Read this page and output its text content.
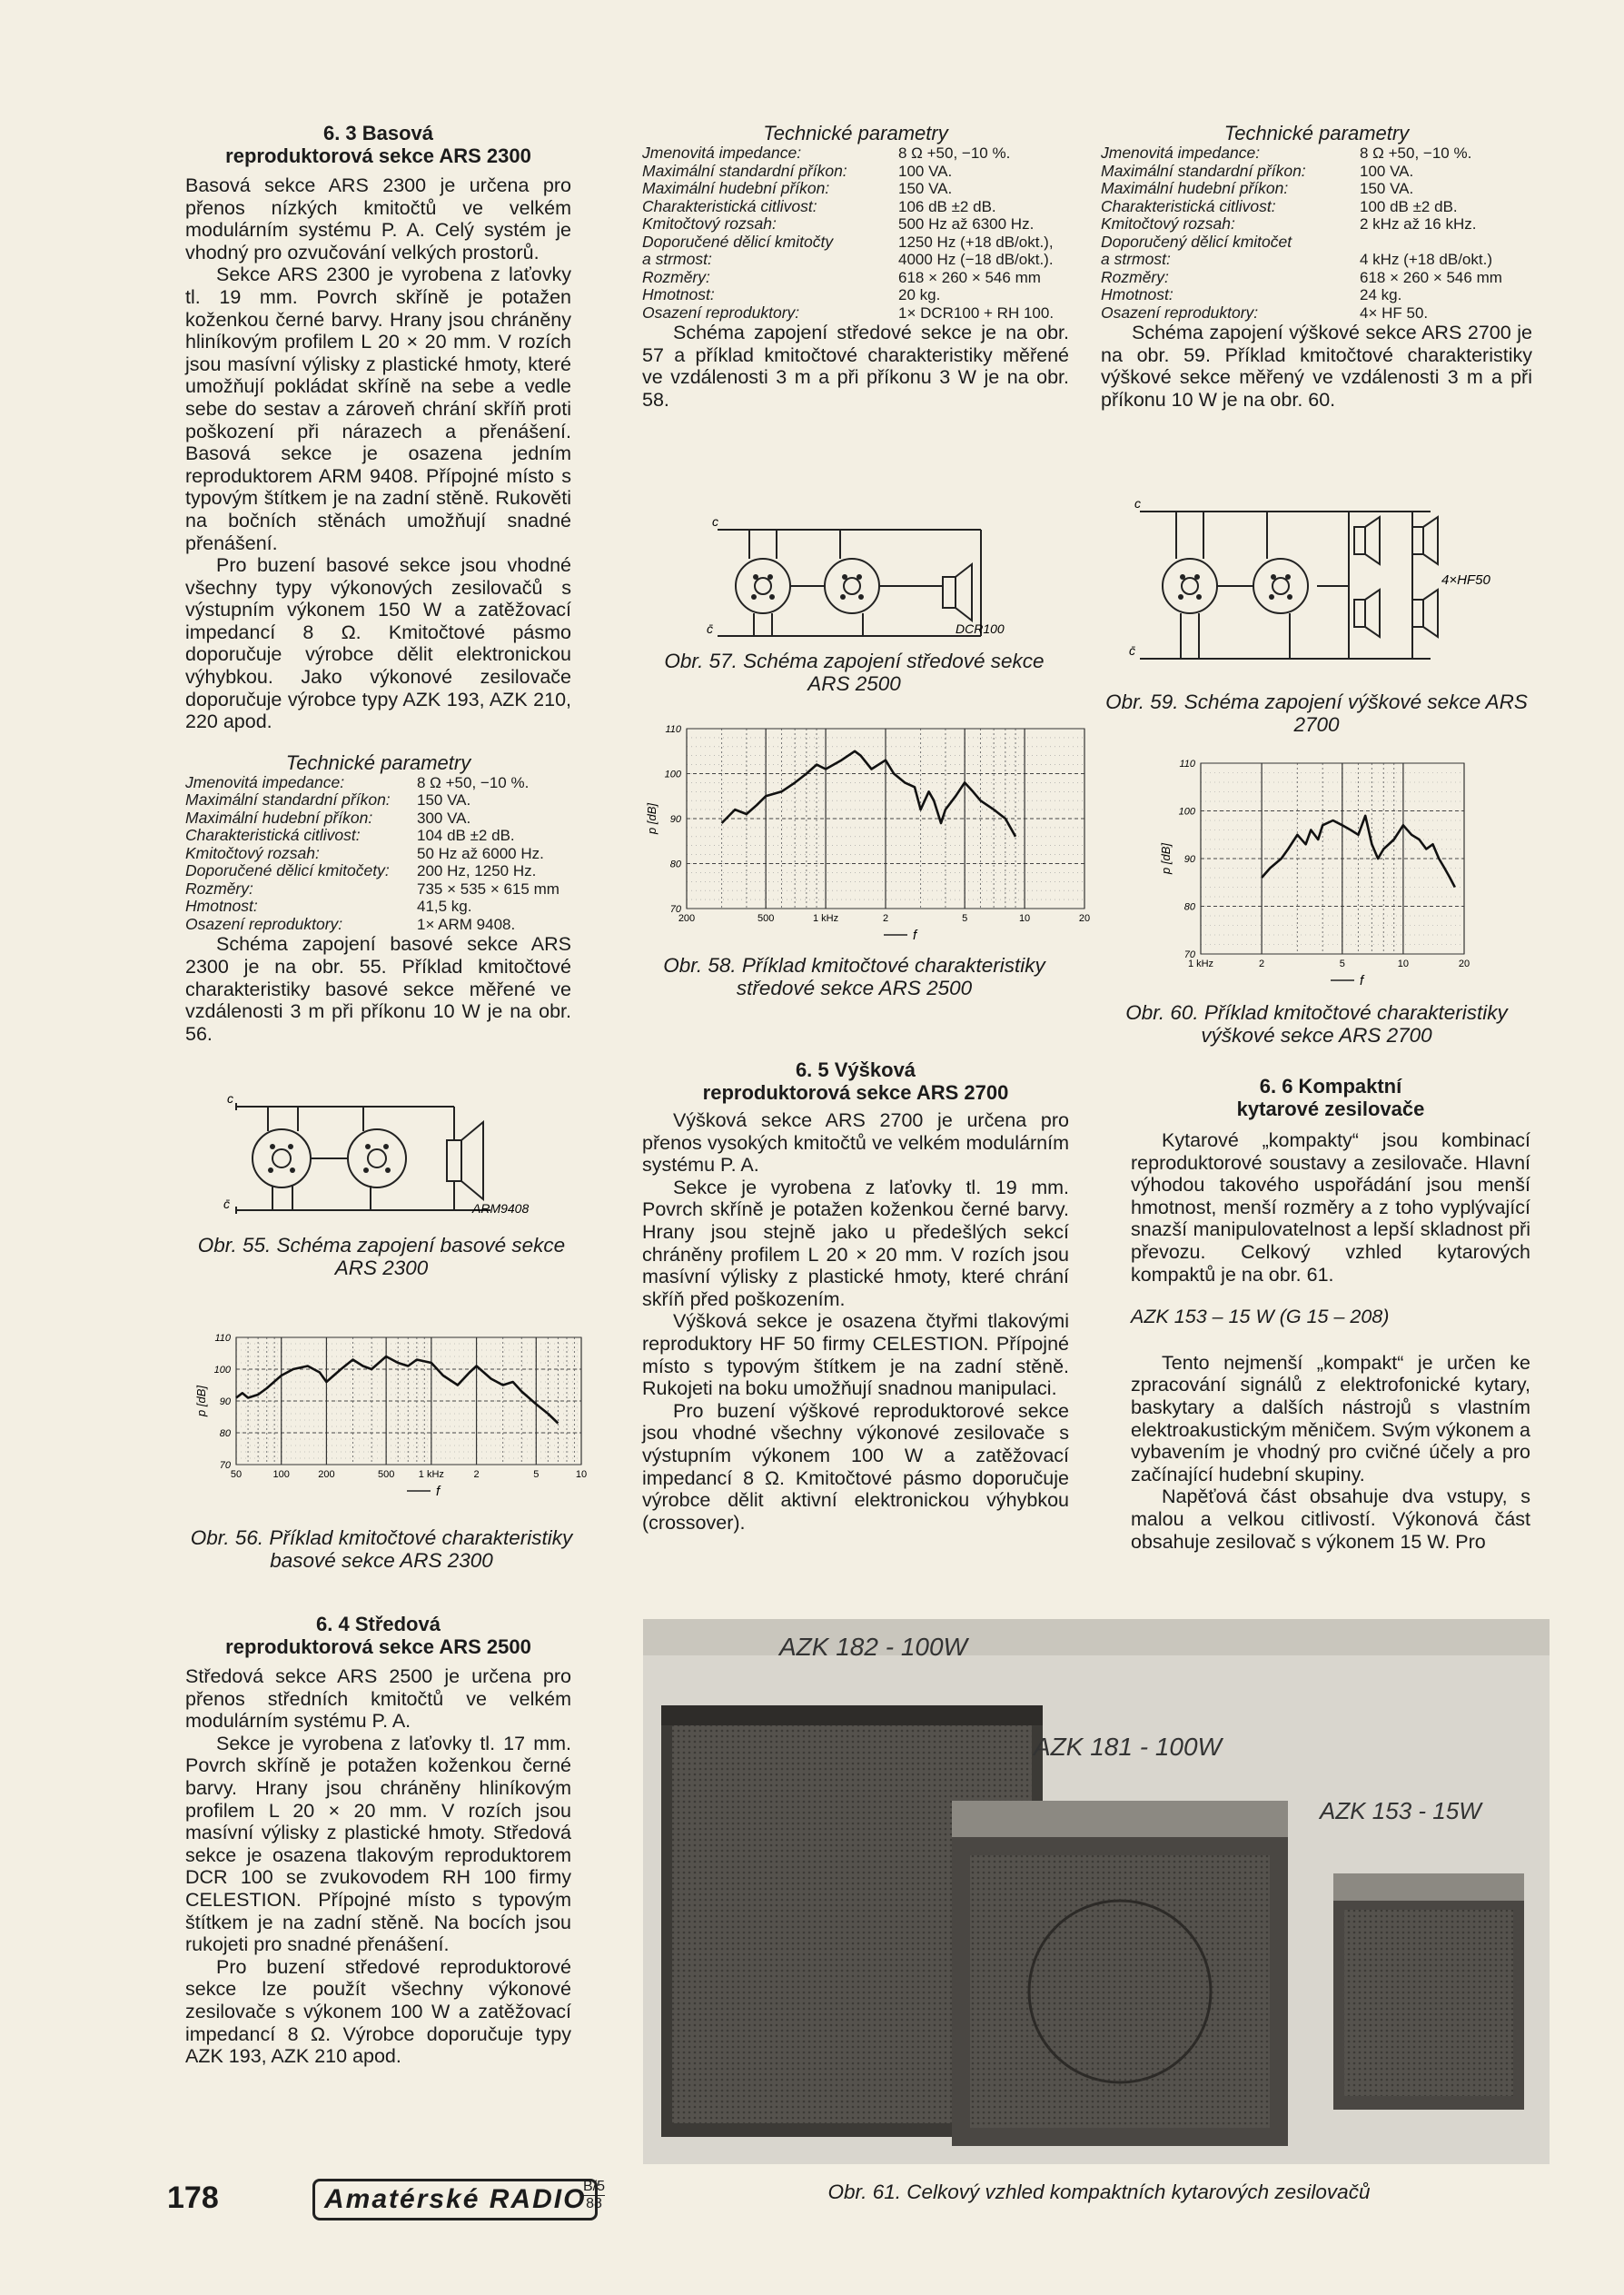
6. 3 Basová
reproduktorová sekce ARS 2300

Basová sekce ARS 2300 je určena pro přenos nízkých kmitočtů ve velkém modulárním systému P. A. Celý systém je vhodný pro ozvučování velkých prostorů.

Sekce ARS 2300 je vyrobena z laťovky tl. 19 mm. Povrch skříně je potažen koženkou černé barvy. Hrany jsou chráněny hliníkovým profilem L 20 × 20 mm. V rozích jsou masívní výlisky z plastické hmoty, které umožňují pokládat skříně na sebe a vedle sebe do sestav a zároveň chrání skříň proti poškození při nárazech a přenášení. Basová sekce je osazena jedním reproduktorem ARM 9408. Přípojné místo s typovým štítkem je na zadní stěně. Rukověti na bočních stěnách umožňují snadné přenášení.

Pro buzení basové sekce jsou vhodné všechny typy výkonových zesilovačů s výstupním výkonem 150 W a zatěžovací impedancí 8 Ω. Kmitočtové pásmo doporučuje výrobce dělit elektronickou výhybkou. Jako výkonové zesilovače doporučuje výrobce typy AZK 193, AZK 210, 220 apod.

Technické parametry

Jmenovitá impedance:	8 Ω +50, −10 %.
Maximální standardní příkon:	150 VA.
Maximální hudební příkon:	300 VA.
Charakteristická citlivost:	104 dB ±2 dB.
Kmitočtový rozsah:	50 Hz až 6000 Hz.
Doporučené dělicí kmitočety:	200 Hz, 1250 Hz.
Rozměry:	735 × 535 × 615 mm
Hmotnost:	41,5 kg.
Osazení reproduktory:	1× ARM 9408.

Schéma zapojení basové sekce ARS 2300 je na obr. 55. Příklad kmitočtové charakteristiky basové sekce měřené ve vzdálenosti 3 m při příkonu 10 W je na obr. 56.

c
c̄	ARM9408

Obr. 55. Schéma zapojení basové sekce ARS 2300

70
80
90
100
110
50	100	200	500 1 kHz	2	5	10
p [dB]
f

Obr. 56. Příklad kmitočtové charakteristiky basové sekce ARS 2300

6. 4 Středová
reproduktorová sekce ARS 2500

Středová sekce ARS 2500 je určena pro přenos středních kmitočtů ve velkém modulárním systému P. A.

Sekce je vyrobena z laťovky tl. 17 mm. Povrch skříně je potažen koženkou černé barvy. Hrany jsou chráněny hliníkovým profilem L 20 × 20 mm. V rozích jsou masívní výlisky z plastické hmoty. Středová sekce je osazena tlakovým reproduktorem DCR 100 se zvukovodem RH 100 firmy CELESTION. Přípojné místo s typovým štítkem je na zadní stěně. Na bocích jsou rukojeti pro snadné přenášení.

Pro buzení středové reproduktorové sekce lze použít všechny výkonové zesilovače s výkonem 100 W a zatěžovací impedancí 8 Ω. Výrobce doporučuje typy AZK 193, AZK 210 apod.

178	Amatérské RADIO
B/5
88

Technické parametry

Jmenovitá impedance:	8 Ω +50, −10 %.
Maximální standardní příkon:	100 VA.
Maximální hudební příkon:	150 VA.
Charakteristická citlivost:	106 dB ±2 dB.
Kmitočtový rozsah:	500 Hz až 6300 Hz.
Doporučené dělicí kmitočty
a strmost:	1250 Hz (+18 dB/okt.),
4000 Hz (−18 dB/okt.).
Rozměry:	618 × 260 × 546 mm
Hmotnost:	20 kg.
Osazení reproduktory:	1× DCR100 + RH 100.

Schéma zapojení středové sekce je na obr. 57 a příklad kmitočtové charakteristiky měřené ve vzdálenosti 3 m a při příkonu 3 W je na obr. 58.

c
c̄	DCR100

Obr. 57. Schéma zapojení středové sekce ARS 2500

70
80
90
100
110
200	500	1 kHz	2	5	10	20
p [dB]
f

Obr. 58. Příklad kmitočtové charakteristiky středové sekce ARS 2500

6. 5 Výšková
reproduktorová sekce ARS 2700

Výšková sekce ARS 2700 je určena pro přenos vysokých kmitočtů ve velkém modulárním systému P. A.

Sekce je vyrobena z laťovky tl. 19 mm. Povrch skříně je potažen koženkou černé barvy. Hrany jsou stejně jako u předešlých sekcí chráněny profilem L 20 × 20 mm. V rozích jsou masívní výlisky z plastické hmoty, které chrání skříň před poškozením.

Výšková sekce je osazena čtyřmi tlakovými reproduktory HF 50 firmy CELESTION. Přípojné místo s typovým štítkem je na zadní stěně. Rukojeti na boku umožňují snadnou manipulaci.

Pro buzení výškové reproduktorové sekce jsou vhodné všechny výkonové zesilovače s výstupním výkonem 100 W a zatěžovací impedancí 8 Ω. Kmitočtové pásmo doporučuje výrobce dělit aktivní elektronickou výhybkou (crossover).

Technické parametry

Jmenovitá impedance:	8 Ω +50, −10 %.
Maximální standardní příkon:	100 VA.
Maximální hudební příkon:	150 VA.
Charakteristická citlivost:	100 dB ±2 dB.
Kmitočtový rozsah:	2 kHz až 16 kHz.
Doporučený dělicí kmitočet
a strmost:	4 kHz (+18 dB/okt.)
Rozměry:	618 × 260 × 546 mm
Hmotnost:	24 kg.
Osazení reproduktory:	4× HF 50.

Schéma zapojení výškové sekce ARS 2700 je na obr. 59. Příklad kmitočtové charakteristiky výškové sekce měřený ve vzdálenosti 3 m a při příkonu 10 W je na obr. 60.

c
c̄
4×HF50

Obr. 59. Schéma zapojení výškové sekce ARS 2700

70
80
90
100
110
1 kHz	2	5	10	20
p [dB]
f

Obr. 60. Příklad kmitočtové charakteristiky výškové sekce ARS 2700

6. 6 Kompaktní
kytarové zesilovače

Kytarové „kompakty“ jsou kombinací reproduktorové soustavy a zesilovače. Hlavní výhodou takového uspořádání jsou menší hmotnost, menší rozměry a z toho vyplývající snazší manipulovatelnost a lepší skladnost při převozu. Celkový vzhled kytarových kompaktů je na obr. 61.

AZK 153 – 15 W (G 15 – 208)

Tento nejmenší „kompakt“ je určen ke zpracování signálů z elektrofonické kytary, baskytary a dalších nástrojů s vlastním elektroakustickým měničem. Svým výkonem a vybavením je vhodný pro cvičné účely a pro začínající hudební skupiny.

Napěťová část obsahuje dva vstupy, s malou a velkou citlivostí. Výkonová část obsahuje zesilovač s výkonem 15 W. Pro

AZK 182 - 100W
AZK 181 - 100W
AZK 153 - 15W

Obr. 61. Celkový vzhled kompaktních kytarových zesilovačů
